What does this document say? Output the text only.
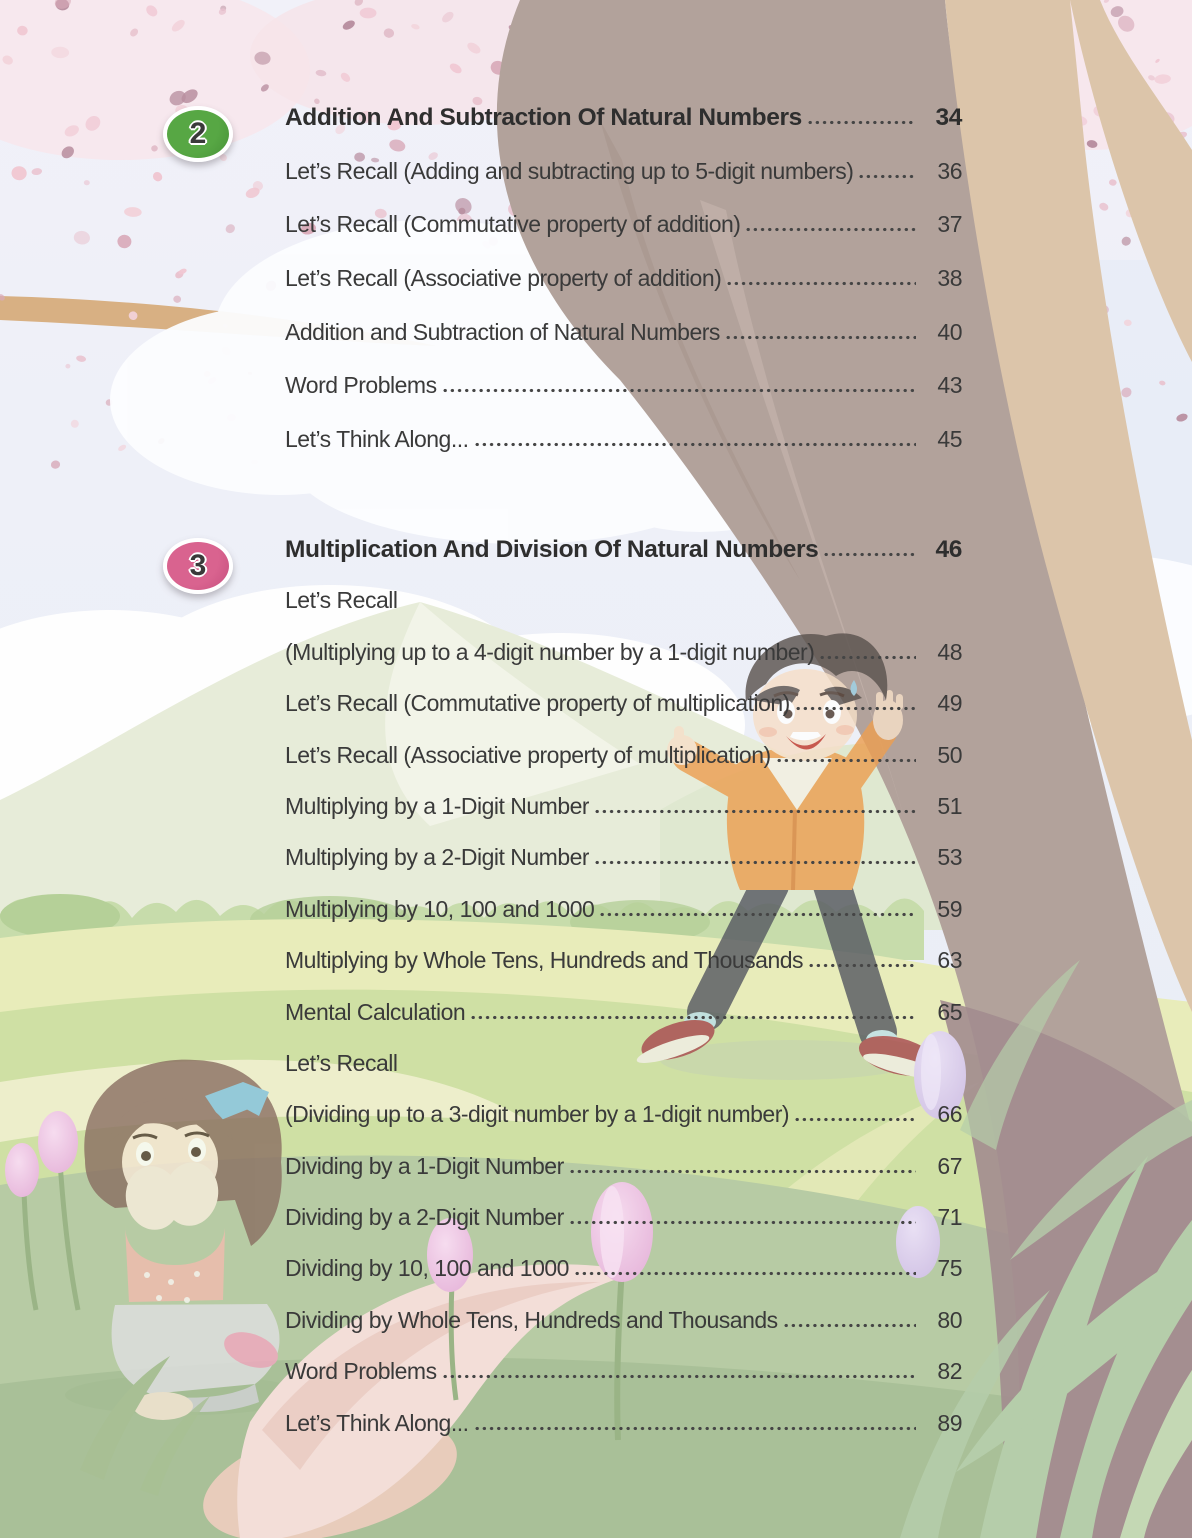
2	Addition And Subtraction Of Natural Numbers	34
Let’s Recall (Adding and subtracting up to 5-digit numbers)	36
Let’s Recall (Commutative property of addition)	37
Let’s Recall (Associative property of addition)	38
Addition and Subtraction of Natural Numbers	40
Word Problems	43
Let’s Think Along...	45
3	Multiplication And Division Of Natural Numbers	46
Let’s Recall
(Multiplying up to a 4-digit number by a 1-digit number)	48
Let’s Recall (Commutative property of multiplication)	49
Let’s Recall (Associative property of multiplication)	50
Multiplying by a 1-Digit Number	51
Multiplying by a 2-Digit Number	53
Multiplying by 10, 100 and 1000	59
Multiplying by Whole Tens, Hundreds and Thousands	63
Mental Calculation	65
Let’s Recall
(Dividing up to a 3-digit number by a 1-digit number)	66
Dividing by a 1-Digit Number	67
Dividing by a 2-Digit Number	71
Dividing by 10, 100 and 1000	75
Dividing by Whole Tens, Hundreds and Thousands	80
Word Problems	82
Let’s Think Along...	89
